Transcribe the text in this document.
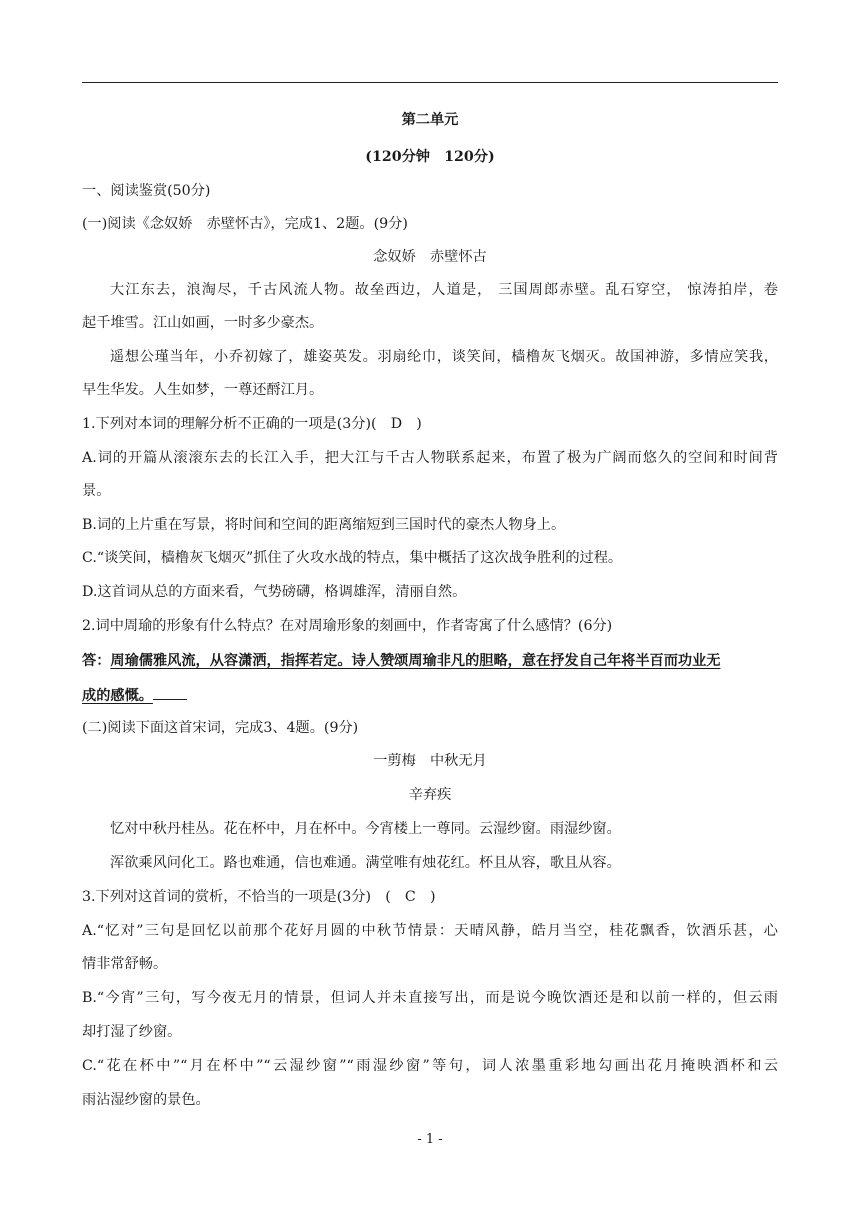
第二单元
(120分钟　120分)
一、阅读鉴赏(50分)
(一)阅读《念奴娇　赤壁怀古》，完成1、2题。(9分)
念奴娇　赤壁怀古
大江东去，浪淘尽，千古风流人物。故垒西边，人道是， 三国周郎赤壁。乱石穿空， 惊涛拍岸，卷
起千堆雪。江山如画，一时多少豪杰。
遥想公瑾当年，小乔初嫁了，雄姿英发。羽扇纶巾，谈笑间，樯橹灰飞烟灭。故国神游，多情应笑我，
早生华发。人生如梦，一尊还酹江月。
1.下列对本词的理解分析不正确的一项是(3分)(　D　)
A.词的开篇从滚滚东去的长江入手，把大江与千古人物联系起来，布置了极为广阔而悠久的空间和时间背
景。
B.词的上片重在写景，将时间和空间的距离缩短到三国时代的豪杰人物身上。
C.“谈笑间，樯橹灰飞烟灭”抓住了火攻水战的特点，集中概括了这次战争胜利的过程。
D.这首词从总的方面来看，气势磅礴，格调雄浑，清丽自然。
2.词中周瑜的形象有什么特点？在对周瑜形象的刻画中，作者寄寓了什么感情？(6分)
答：周瑜儒雅风流，从容潇洒，指挥若定。诗人赞颂周瑜非凡的胆略，意在抒发自己年将半百而功业无
成的感慨。
(二)阅读下面这首宋词，完成3、4题。(9分)
一剪梅　中秋无月
辛弃疾
忆对中秋丹桂丛。花在杯中，月在杯中。今宵楼上一尊同。云湿纱窗。雨湿纱窗。
浑欲乘风问化工。路也难通，信也难通。满堂唯有烛花红。杯且从容，歌且从容。
3.下列对这首词的赏析，不恰当的一项是(3分)　(　C　)
A.“忆对”三句是回忆以前那个花好月圆的中秋节情景：天晴风静，皓月当空，桂花飘香，饮酒乐甚，心
情非常舒畅。
B.“今宵”三句，写今夜无月的情景，但词人并未直接写出，而是说今晚饮酒还是和以前一样的，但云雨
却打湿了纱窗。
C.“花在杯中”“月在杯中”“云湿纱窗”“雨湿纱窗”等句，词人浓墨重彩地勾画出花月掩映酒杯和云
雨沾湿纱窗的景色。
- 1 -
